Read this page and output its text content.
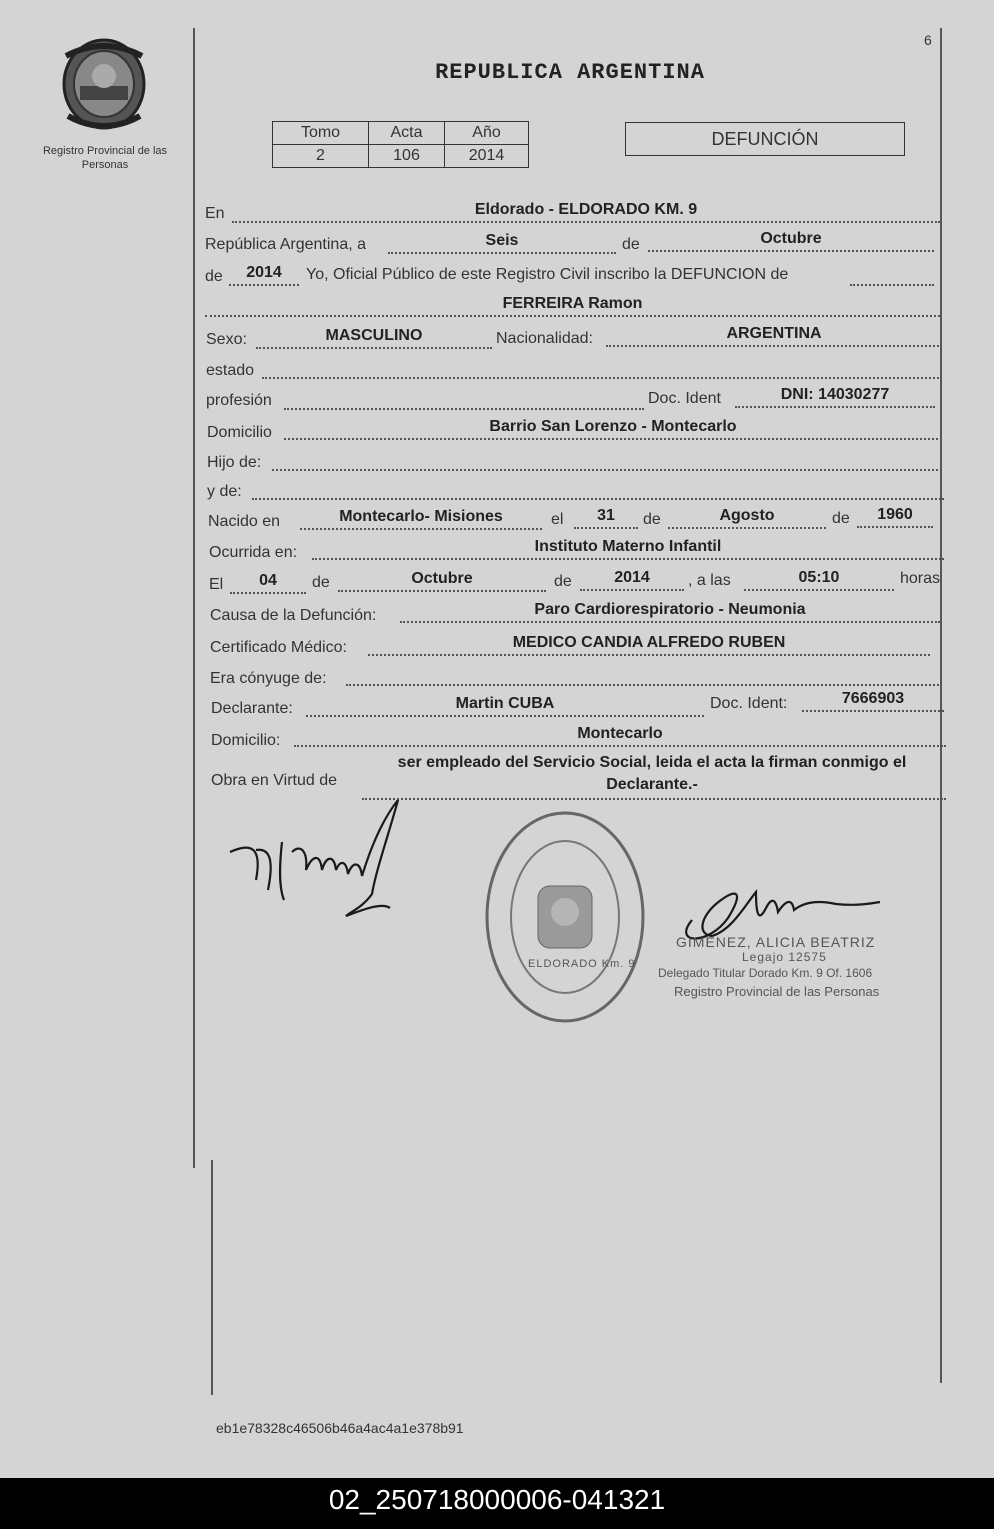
Registro Provincial de las Personas
6
REPUBLICA ARGENTINA
Tomo	Acta	Año
2	106	2014
DEFUNCIÓN
En	Eldorado - ELDORADO KM. 9
República Argentina, a	Seis	de	Octubre
de	2014	Yo, Oficial Público de este Registro Civil inscribo la DEFUNCION de
FERREIRA Ramon
Sexo:	MASCULINO	Nacionalidad:	ARGENTINA
estado
profesión	Doc. Ident	DNI: 14030277
Domicilio	Barrio San Lorenzo - Montecarlo
Hijo de:
y de:
Nacido en	Montecarlo- Misiones	el	31	de	Agosto	de	1960
Ocurrida en:	Instituto Materno Infantil
El	04	de	Octubre	de	2014	, a las	05:10	horas
Causa de la Defunción:	Paro Cardiorespiratorio - Neumonia
Certificado Médico:	MEDICO CANDIA ALFREDO RUBEN
Era cónyuge de:
Declarante:	Martin CUBA	Doc. Ident:	7666903
Domicilio:	Montecarlo
Obra en Virtud de
ser empleado del Servicio Social, leida el acta la firman conmigo el Declarante.-
ELDORADO Km. 9
GIMENEZ, ALICIA BEATRIZ
Legajo 12575
Delegado Titular Dorado Km. 9 Of. 1606
Registro Provincial de las Personas
eb1e78328c46506b46a4ac4a1e378b91
02_250718000006-041321
